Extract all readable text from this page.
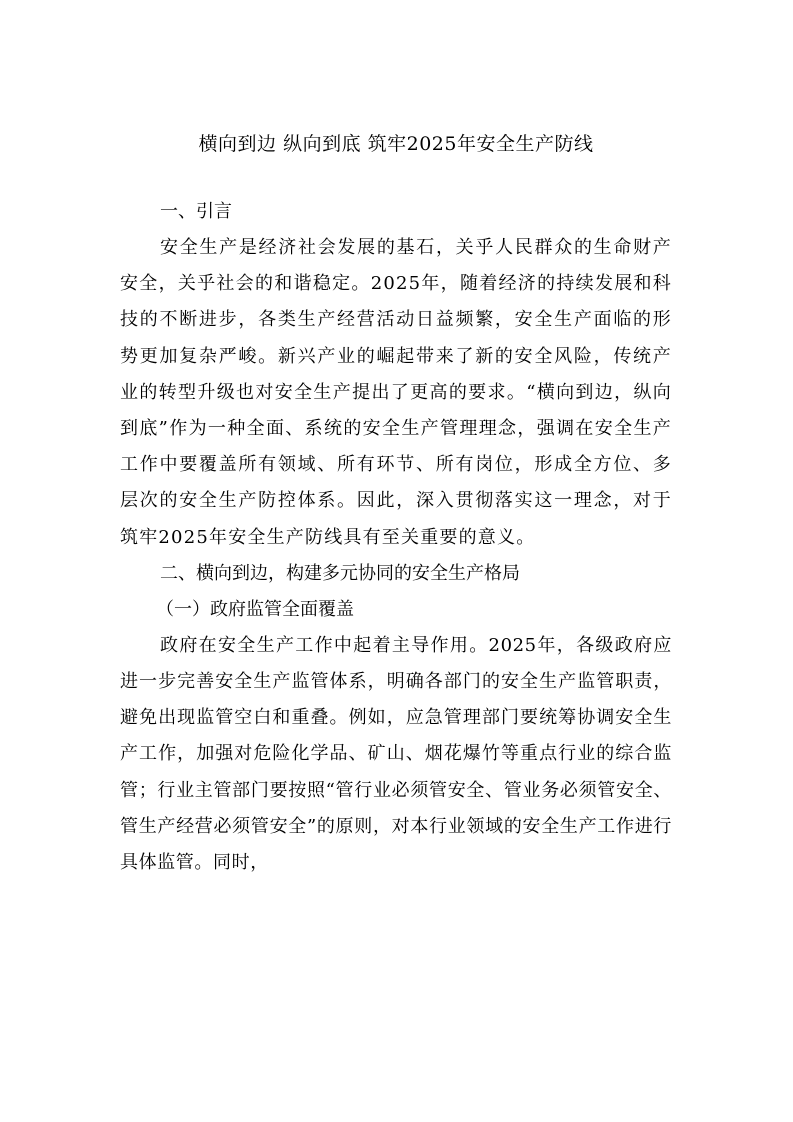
横向到边 纵向到底 筑牢2025年安全生产防线
一、引言

安全生产是经济社会发展的基石，关乎人民群众的生命财产安全，关乎社会的和谐稳定。2025年，随着经济的持续发展和科技的不断进步，各类生产经营活动日益频繁，安全生产面临的形势更加复杂严峻。新兴产业的崛起带来了新的安全风险，传统产业的转型升级也对安全生产提出了更高的要求。“横向到边，纵向到底”作为一种全面、系统的安全生产管理理念，强调在安全生产工作中要覆盖所有领域、所有环节、所有岗位，形成全方位、多层次的安全生产防控体系。因此，深入贯彻落实这一理念，对于筑牢2025年安全生产防线具有至关重要的意义。

二、横向到边，构建多元协同的安全生产格局
（一）政府监管全面覆盖

政府在安全生产工作中起着主导作用。2025年，各级政府应进一步完善安全生产监管体系，明确各部门的安全生产监管职责，避免出现监管空白和重叠。例如，应急管理部门要统筹协调安全生产工作，加强对危险化学品、矿山、烟花爆竹等重点行业的综合监管；行业主管部门要按照“管行业必须管安全、管业务必须管安全、管生产经营必须管安全”的原则，对本行业领域的安全生产工作进行具体监管。同时，
